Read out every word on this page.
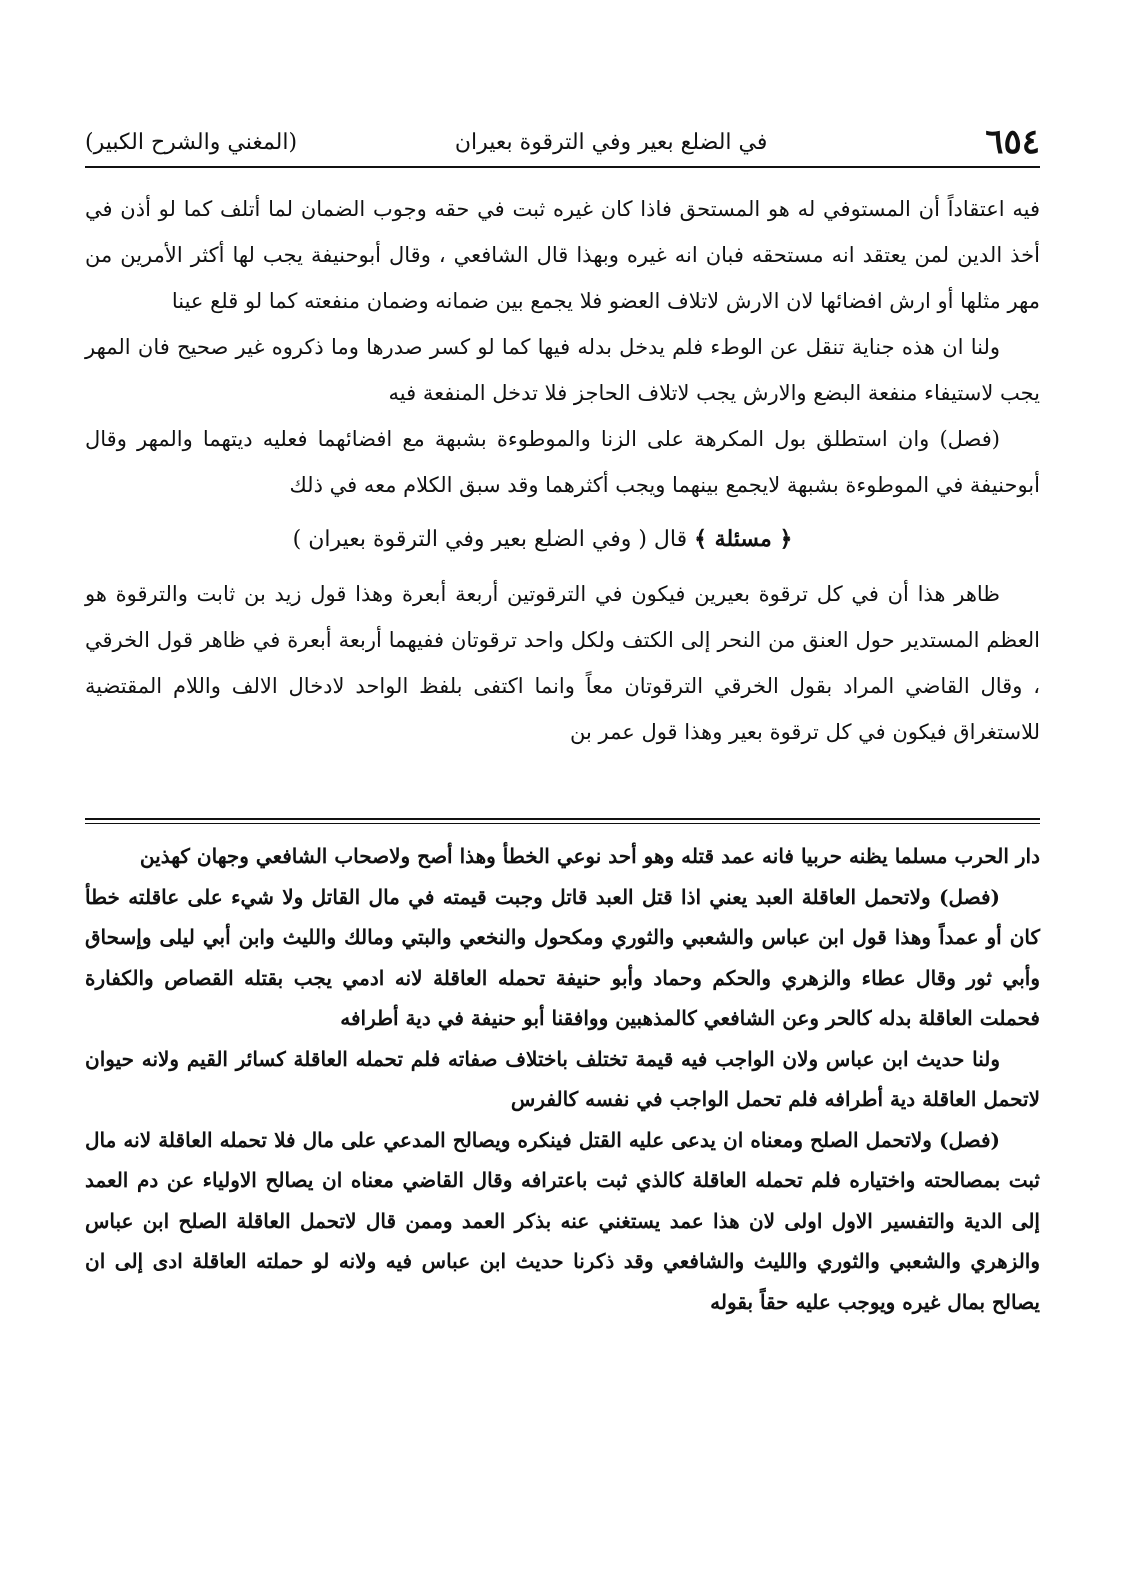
٦٥٤
في الضلع بعير وفي الترقوة بعيران
(المغني والشرح الكبير)

فيه اعتقاداً أن المستوفي له هو المستحق فاذا كان غيره ثبت في حقه وجوب الضمان لما أتلف كما لو أذن في أخذ الدين لمن يعتقد انه مستحقه فبان انه غيره وبهذا قال الشافعي ، وقال أبوحنيفة يجب لها أكثر الأمرين من مهر مثلها أو ارش افضائها لان الارش لاتلاف العضو فلا يجمع بين ضمانه وضمان منفعته كما لو قلع عينا

ولنا ان هذه جناية تنقل عن الوطء فلم يدخل بدله فيها كما لو كسر صدرها وما ذكروه غير صحيح فان المهر يجب لاستيفاء منفعة البضع والارش يجب لاتلاف الحاجز فلا تدخل المنفعة فيه

(فصل) وان استطلق بول المكرهة على الزنا والموطوءة بشبهة مع افضائهما فعليه ديتهما والمهر وقال أبوحنيفة في الموطوءة بشبهة لايجمع بينهما ويجب أكثرهما وقد سبق الكلام معه في ذلك

﴿ مسئلة ﴾ قال ( وفي الضلع بعير وفي الترقوة بعيران )

ظاهر هذا أن في كل ترقوة بعيرين فيكون في الترقوتين أربعة أبعرة وهذا قول زيد بن ثابت والترقوة هو العظم المستدير حول العنق من النحر إلى الكتف ولكل واحد ترقوتان ففيهما أربعة أبعرة في ظاهر قول الخرقي ، وقال القاضي المراد بقول الخرقي الترقوتان معاً وانما اكتفى بلفظ الواحد لادخال الالف واللام المقتضية للاستغراق فيكون في كل ترقوة بعير وهذا قول عمر بن

دار الحرب مسلما يظنه حربيا فانه عمد قتله وهو أحد نوعي الخطأ وهذا أصح ولاصحاب الشافعي وجهان كهذين

(فصل) ولاتحمل العاقلة العبد يعني اذا قتل العبد قاتل وجبت قيمته في مال القاتل ولا شيء على عاقلته خطأ كان أو عمداً وهذا قول ابن عباس والشعبي والثوري ومكحول والنخعي والبتي ومالك والليث وابن أبي ليلى وإسحاق وأبي ثور وقال عطاء والزهري والحكم وحماد وأبو حنيفة تحمله العاقلة لانه ادمي يجب بقتله القصاص والكفارة فحملت العاقلة بدله كالحر وعن الشافعي كالمذهبين ووافقنا أبو حنيفة في دية أطرافه

ولنا حديث ابن عباس ولان الواجب فيه قيمة تختلف باختلاف صفاته فلم تحمله العاقلة كسائر القيم ولانه حيوان لاتحمل العاقلة دية أطرافه فلم تحمل الواجب في نفسه كالفرس

(فصل) ولاتحمل الصلح ومعناه ان يدعى عليه القتل فينكره ويصالح المدعي على مال فلا تحمله العاقلة لانه مال ثبت بمصالحته واختياره فلم تحمله العاقلة كالذي ثبت باعترافه وقال القاضي معناه ان يصالح الاولياء عن دم العمد إلى الدية والتفسير الاول اولى لان هذا عمد يستغني عنه بذكر العمد وممن قال لاتحمل العاقلة الصلح ابن عباس والزهري والشعبي والثوري والليث والشافعي وقد ذكرنا حديث ابن عباس فيه ولانه لو حملته العاقلة ادى إلى ان يصالح بمال غيره ويوجب عليه حقاً بقوله
